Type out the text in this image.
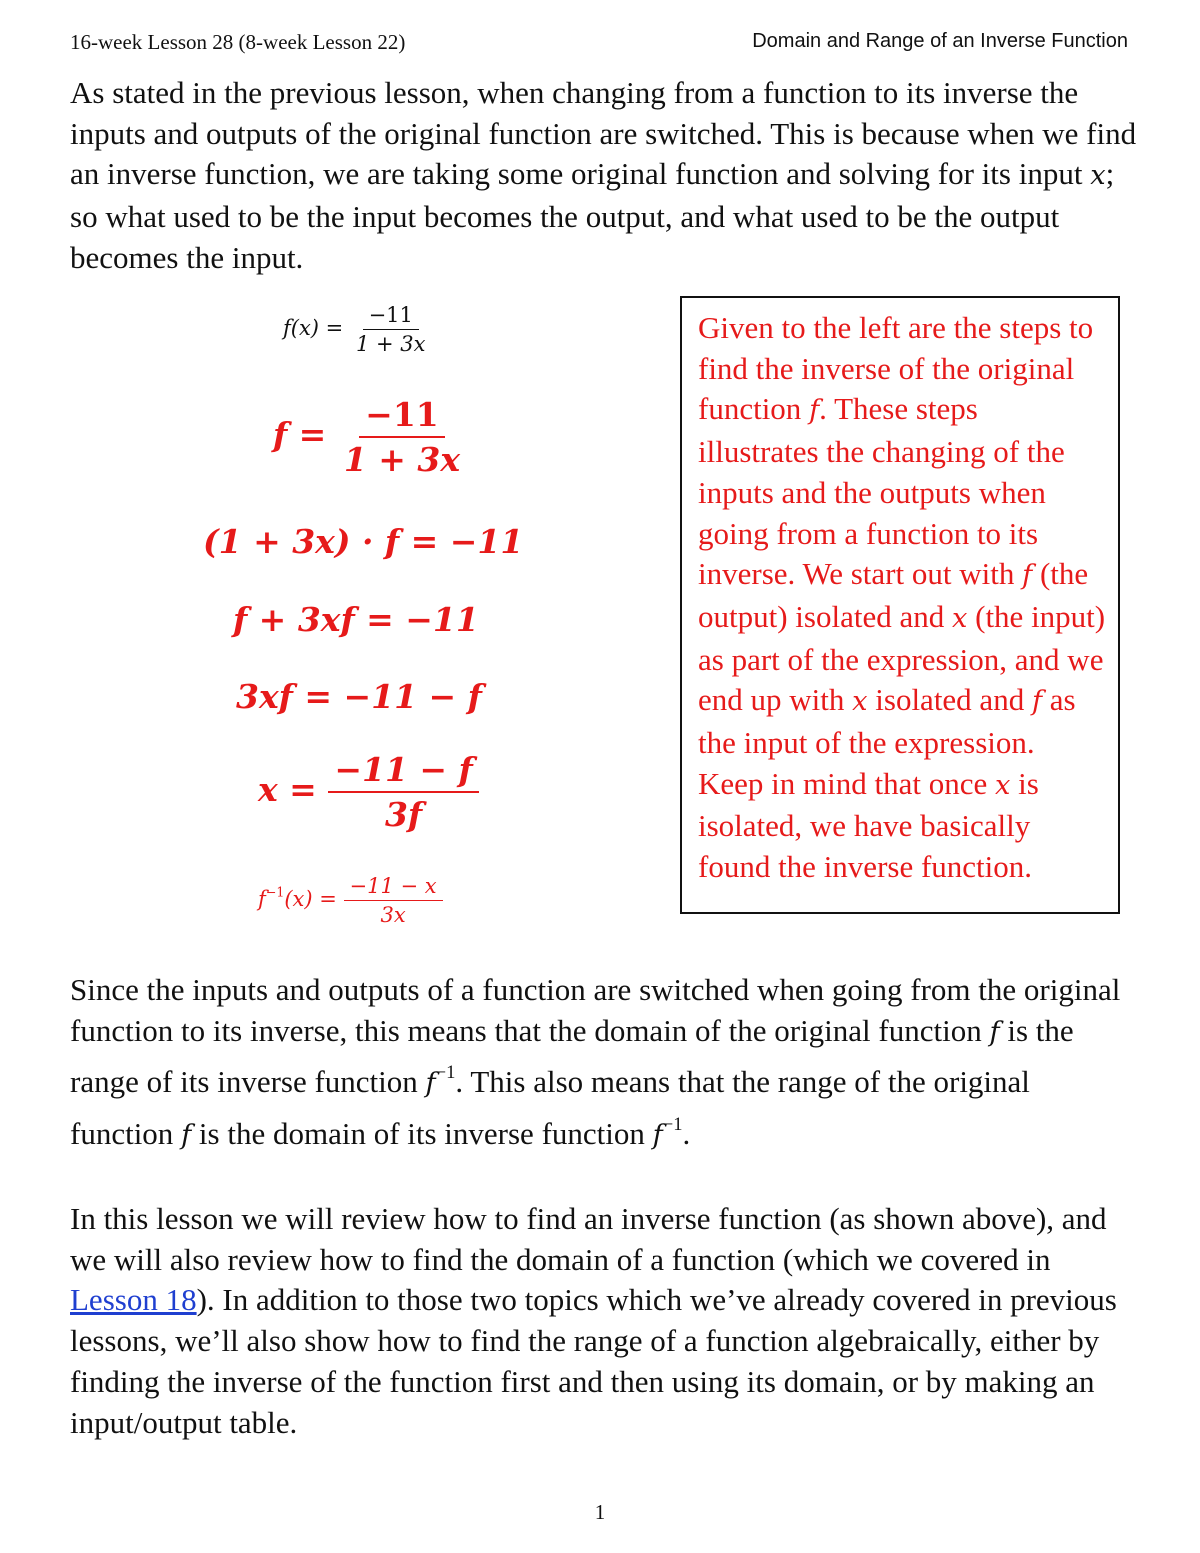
16-week Lesson 28 (8-week Lesson 22)	Domain and Range of an Inverse Function

As stated in the previous lesson, when changing from a function to its inverse the inputs and outputs of the original function are switched. This is because when we find an inverse function, we are taking some original function and solving for its input x; so what used to be the input becomes the output, and what used to be the output becomes the input.

$f(x) = \frac{-11}{1 + 3x}$
$f = \frac{-11}{1 + 3x}$
(1 + 3x) · f = −11
f + 3xf = −11
3xf = −11 − f
$x = \frac{-11 - f}{3f}$
$f^{-1}(x) = \frac{-11 - x}{3x}$

Given to the left are the steps to find the inverse of the original function f. These steps illustrates the changing of the inputs and the outputs when going from a function to its inverse. We start out with f (the output) isolated and x (the input) as part of the expression, and we end up with x isolated and f as the input of the expression. Keep in mind that once x is isolated, we have basically found the inverse function.

Since the inputs and outputs of a function are switched when going from the original function to its inverse, this means that the domain of the original function f is the range of its inverse function $f^{-1}$. This also means that the range of the original function f is the domain of its inverse function $f^{-1}$.

In this lesson we will review how to find an inverse function (as shown above), and we will also review how to find the domain of a function (which we covered in Lesson 18). In addition to those two topics which we’ve already covered in previous lessons, we’ll also show how to find the range of a function algebraically, either by finding the inverse of the function first and then using its domain, or by making an input/output table.

1
